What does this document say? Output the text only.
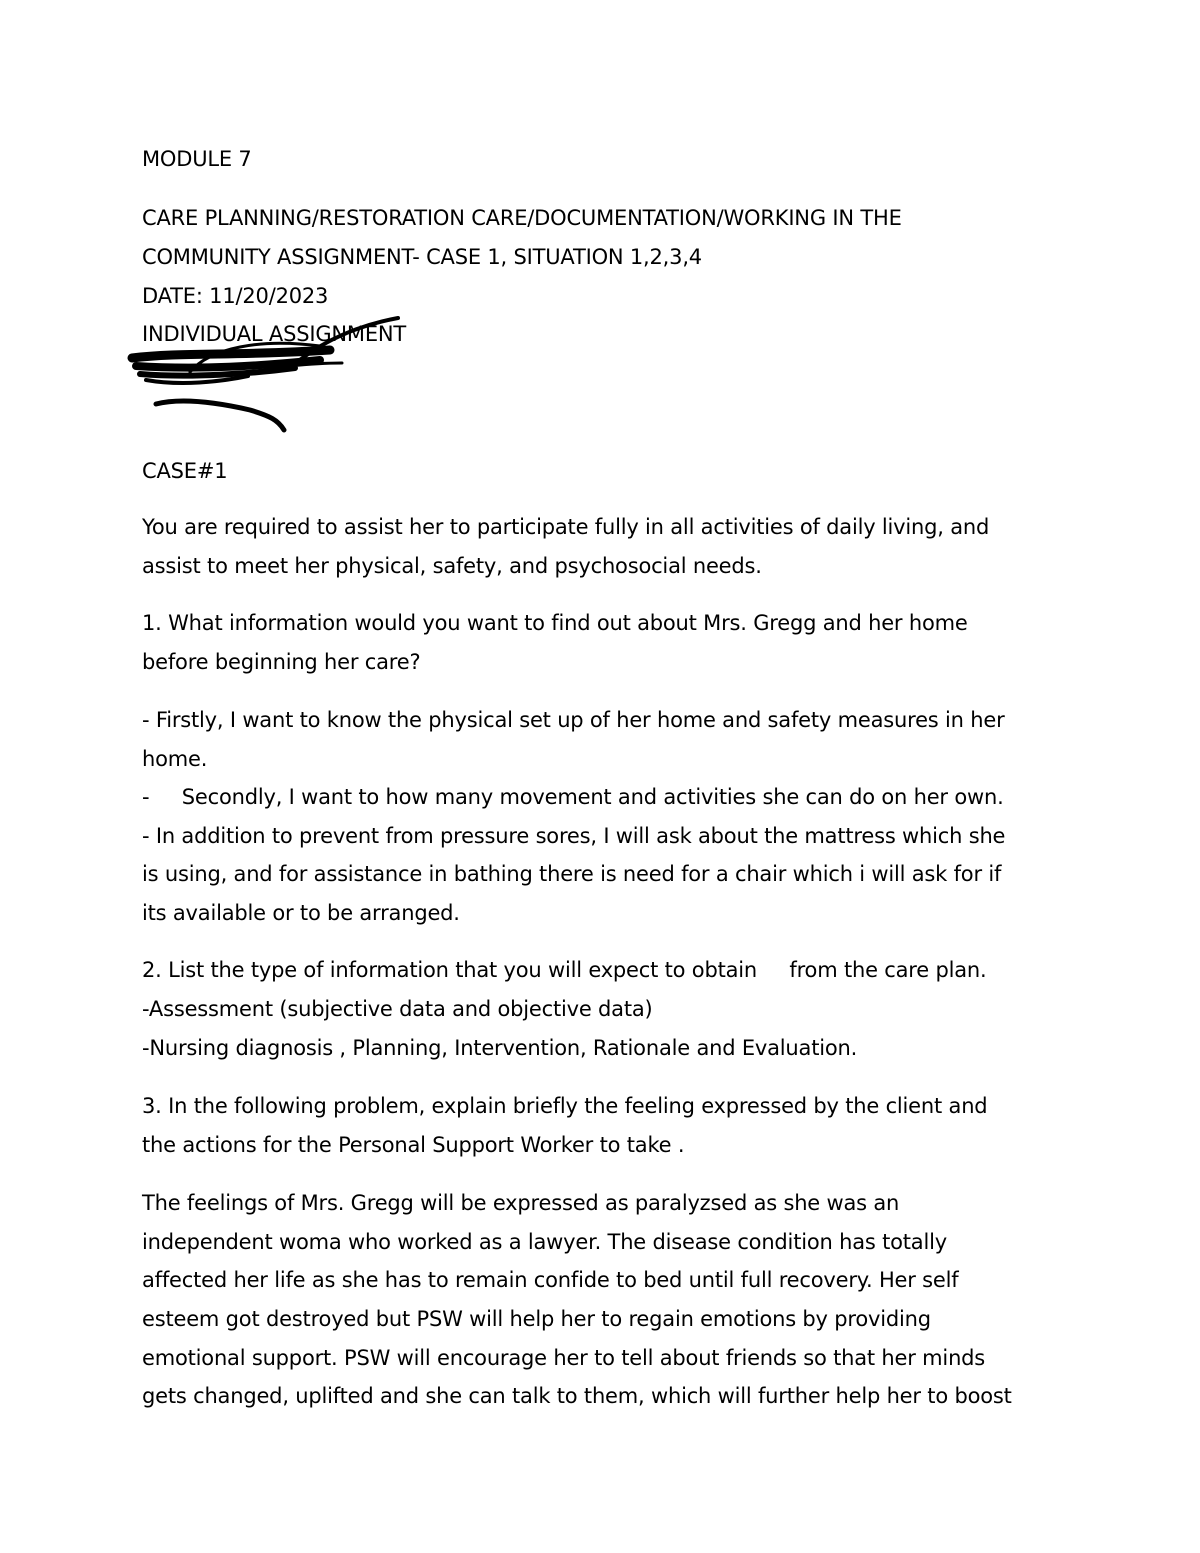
MODULE 7
CARE PLANNING/RESTORATION CARE/DOCUMENTATION/WORKING IN THE
COMMUNITY ASSIGNMENT- CASE 1, SITUATION 1,2,3,4
DATE: 11/20/2023
INDIVIDUAL ASSIGNMENT
CASE#1
You are required to assist her to participate fully in all activities of daily living, and
assist to meet her physical, safety, and psychosocial needs.
1. What information would you want to find out about Mrs. Gregg and her home
before beginning her care?
- Firstly, I want to know the physical set up of her home and safety measures in her
home.
-     Secondly, I want to how many movement and activities she can do on her own.
- In addition to prevent from pressure sores, I will ask about the mattress which she
is using, and for assistance in bathing there is need for a chair which i will ask for if
its available or to be arranged.
2. List the type of information that you will expect to obtain     from the care plan.
-Assessment (subjective data and objective data)
-Nursing diagnosis , Planning, Intervention, Rationale and Evaluation.
3. In the following problem, explain briefly the feeling expressed by the client and
the actions for the Personal Support Worker to take .
The feelings of Mrs. Gregg will be expressed as paralyzsed as she was an
independent woma who worked as a lawyer. The disease condition has totally
affected her life as she has to remain confide to bed until full recovery. Her self
esteem got destroyed but PSW will help her to regain emotions by providing
emotional support. PSW will encourage her to tell about friends so that her minds
gets changed, uplifted and she can talk to them, which will further help her to boost
